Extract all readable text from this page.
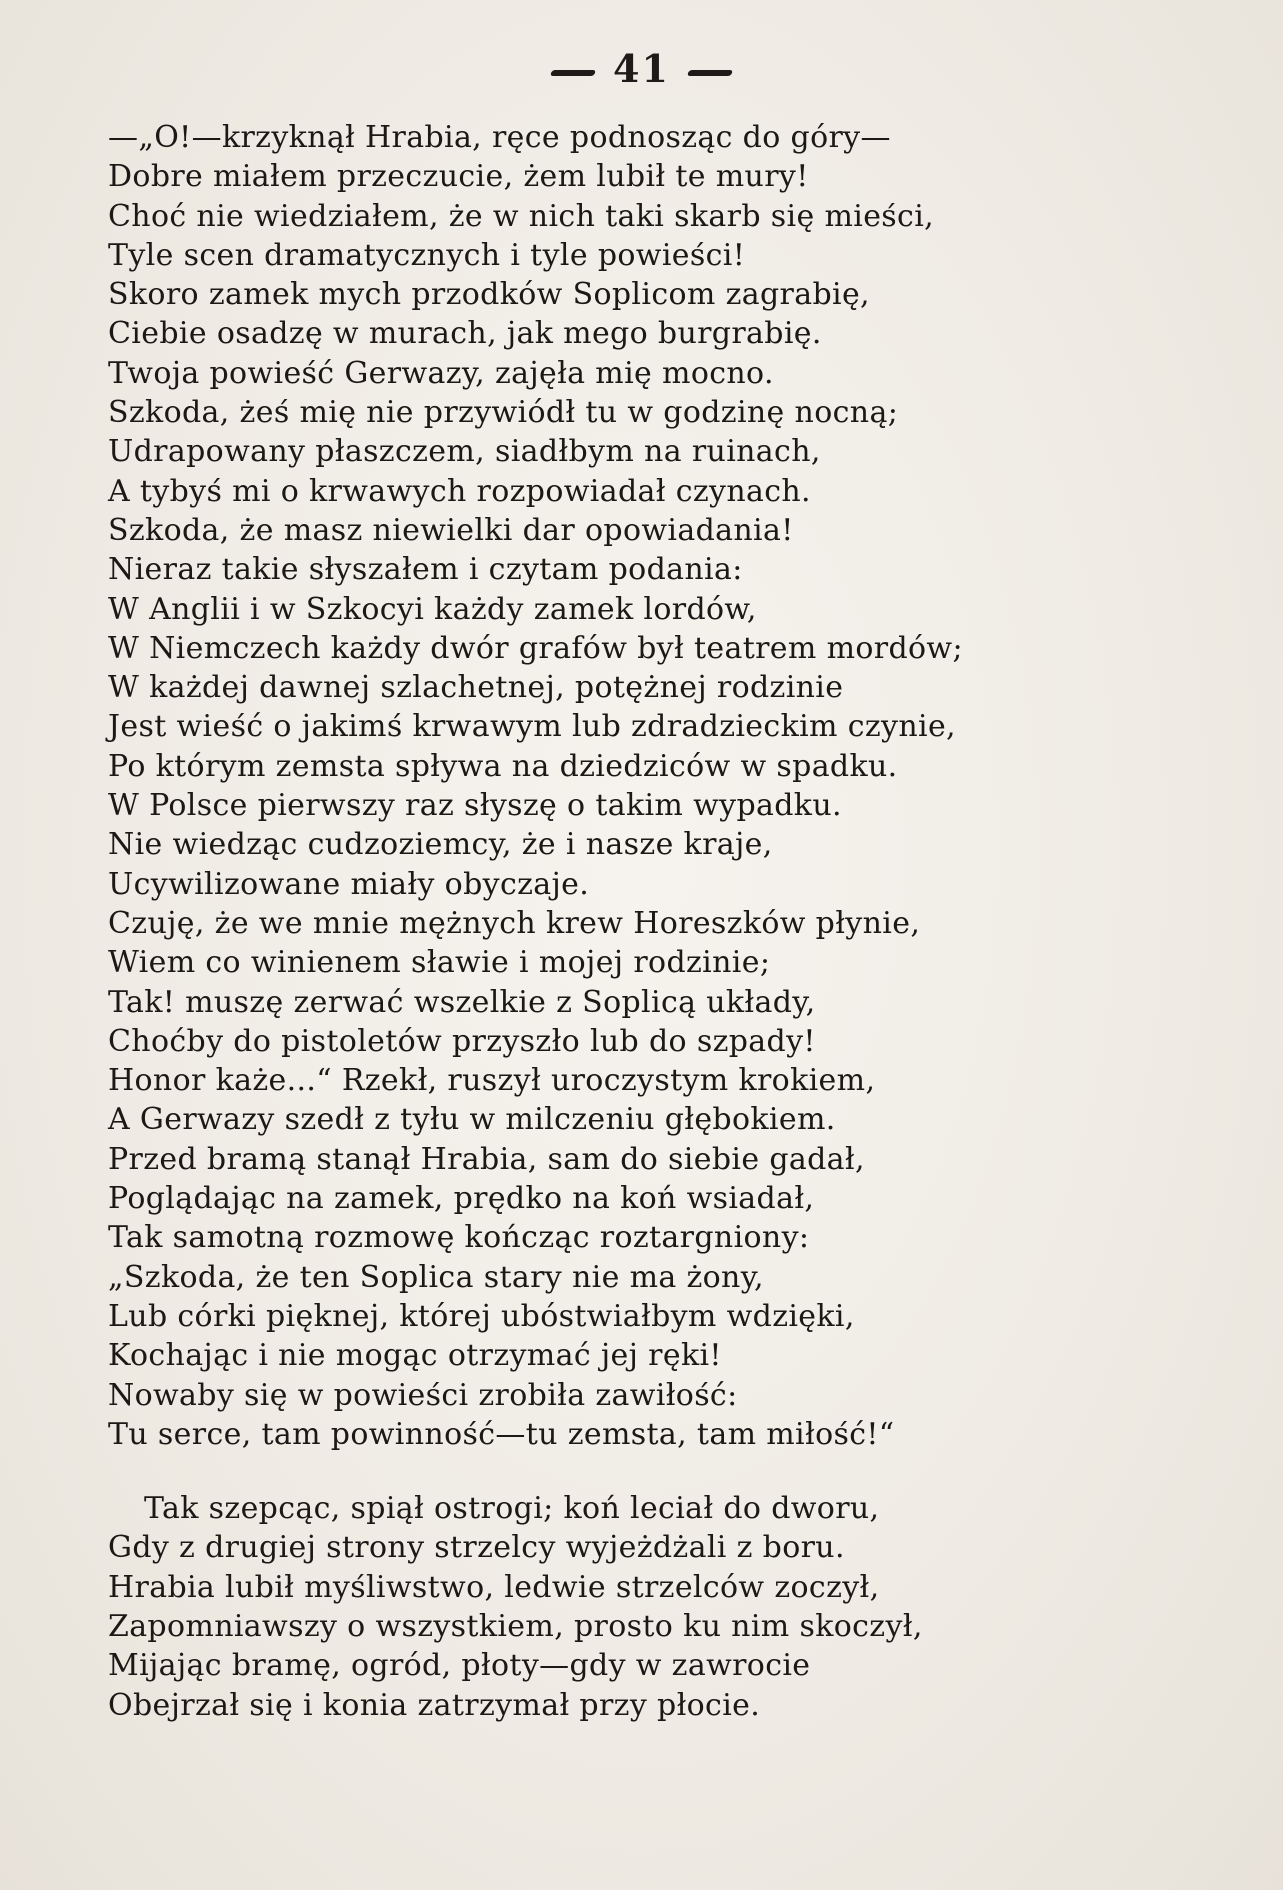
41
—„O!—krzyknął Hrabia, ręce podnosząc do góry—
Dobre miałem przeczucie, żem lubił te mury!
Choć nie wiedziałem, że w nich taki skarb się mieści,
Tyle scen dramatycznych i tyle powieści!
Skoro zamek mych przodków Soplicom zagrabię,
Ciebie osadzę w murach, jak mego burgrabię.
Twoja powieść Gerwazy, zajęła mię mocno.
Szkoda, żeś mię nie przywiódł tu w godzinę nocną;
Udrapowany płaszczem, siadłbym na ruinach,
A tybyś mi o krwawych rozpowiadał czynach.
Szkoda, że masz niewielki dar opowiadania!
Nieraz takie słyszałem i czytam podania:
W Anglii i w Szkocyi każdy zamek lordów,
W Niemczech każdy dwór grafów był teatrem mordów;
W każdej dawnej szlachetnej, potężnej rodzinie
Jest wieść o jakimś krwawym lub zdradzieckim czynie,
Po którym zemsta spływa na dziedziców w spadku.
W Polsce pierwszy raz słyszę o takim wypadku.
Nie wiedząc cudzoziemcy, że i nasze kraje,
Ucywilizowane miały obyczaje.
Czuję, że we mnie mężnych krew Horeszków płynie,
Wiem co winienem sławie i mojej rodzinie;
Tak! muszę zerwać wszelkie z Soplicą układy,
Choćby do pistoletów przyszło lub do szpady!
Honor każe...“ Rzekł, ruszył uroczystym krokiem,
A Gerwazy szedł z tyłu w milczeniu głębokiem.
Przed bramą stanął Hrabia, sam do siebie gadał,
Poglądając na zamek, prędko na koń wsiadał,
Tak samotną rozmowę kończąc roztargniony:
„Szkoda, że ten Soplica stary nie ma żony,
Lub córki pięknej, której ubóstwiałbym wdzięki,
Kochając i nie mogąc otrzymać jej ręki!
Nowaby się w powieści zrobiła zawiłość:
Tu serce, tam powinność—tu zemsta, tam miłość!“
Tak szepcąc, spiął ostrogi; koń leciał do dworu,
Gdy z drugiej strony strzelcy wyjeżdżali z boru.
Hrabia lubił myśliwstwo, ledwie strzelców zoczył,
Zapomniawszy o wszystkiem, prosto ku nim skoczył,
Mijając bramę, ogród, płoty—gdy w zawrocie
Obejrzał się i konia zatrzymał przy płocie.
